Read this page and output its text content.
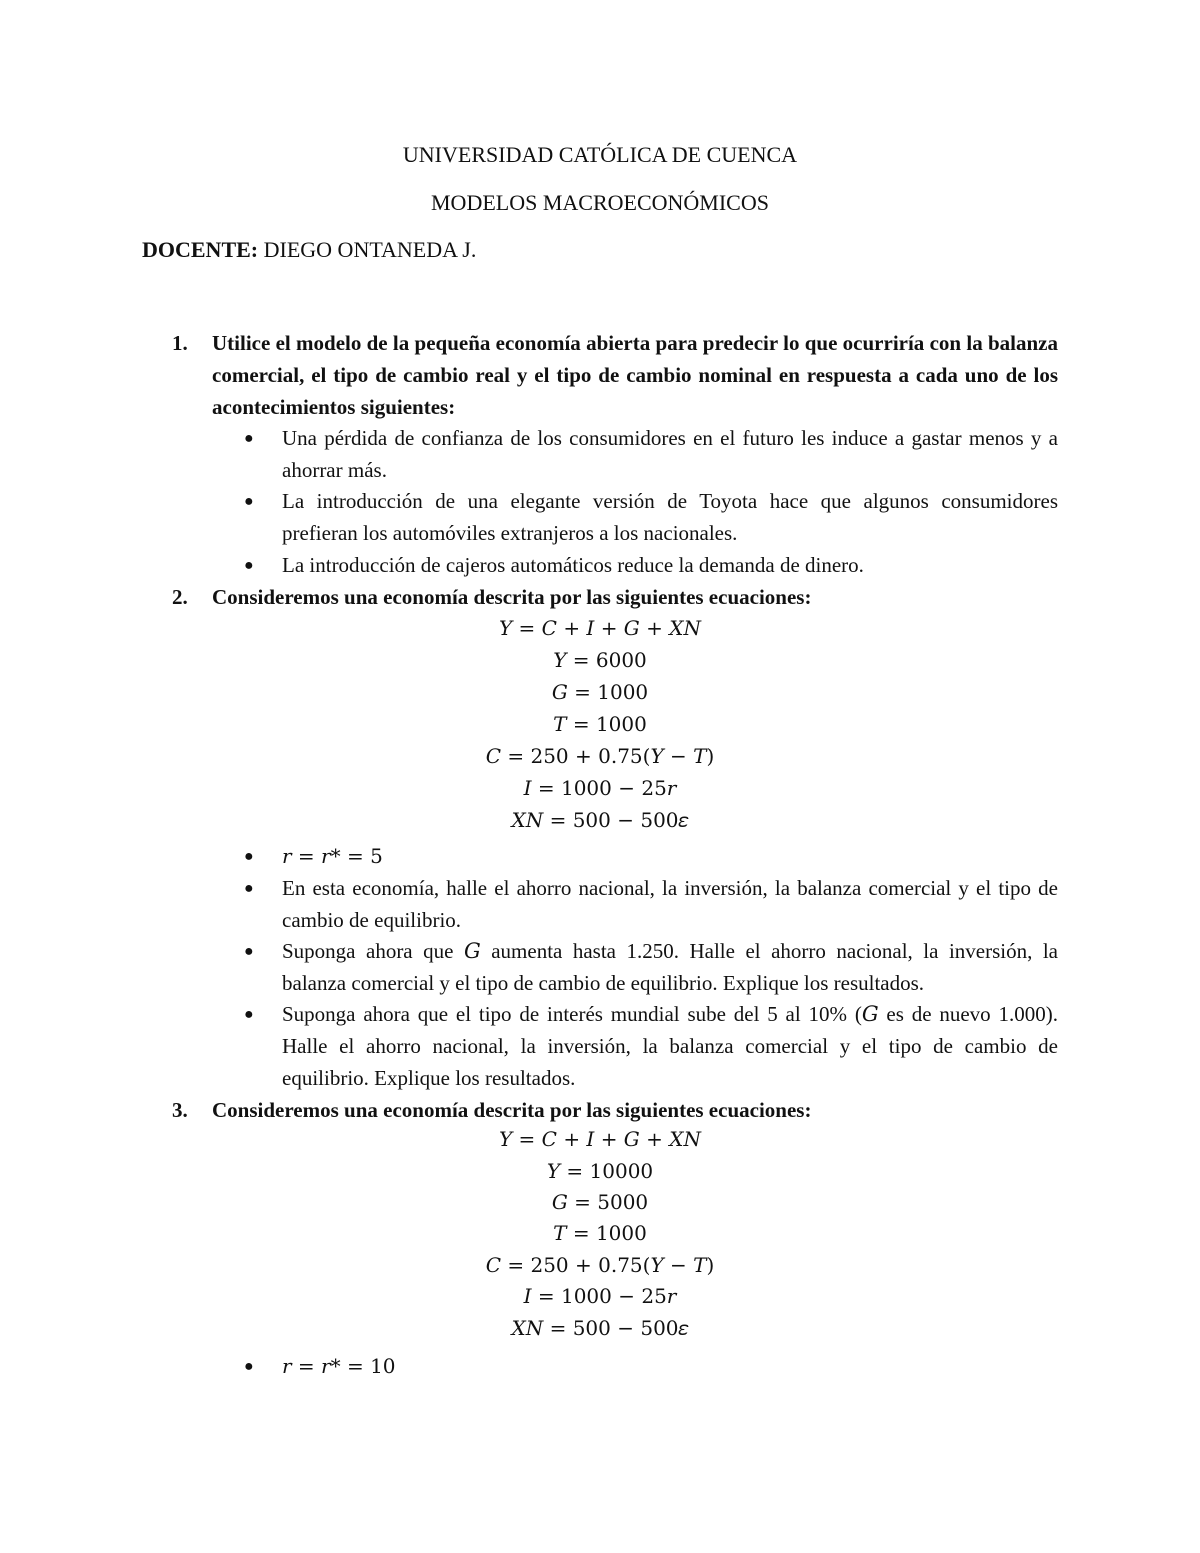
UNIVERSIDAD CATÓLICA DE CUENCA
MODELOS MACROECONÓMICOS
DOCENTE: DIEGO ONTANEDA J.
1. Utilice el modelo de la pequeña economía abierta para predecir lo que ocurriría con la balanza comercial, el tipo de cambio real y el tipo de cambio nominal en respuesta a cada uno de los acontecimientos siguientes:
● Una pérdida de confianza de los consumidores en el futuro les induce a gastar menos y a ahorrar más.
● La introducción de una elegante versión de Toyota hace que algunos consumidores prefieran los automóviles extranjeros a los nacionales.
● La introducción de cajeros automáticos reduce la demanda de dinero.
2. Consideremos una economía descrita por las siguientes ecuaciones:
𝑌 = 𝐶 + 𝐼 + 𝐺 + 𝑋𝑁
𝑌 = 6000
𝐺 = 1000
𝑇 = 1000
𝐶 = 250 + 0.75(𝑌 − 𝑇)
𝐼 = 1000 − 25𝑟
𝑋𝑁 = 500 − 500𝜀
● 𝑟 = 𝑟* = 5
● En esta economía, halle el ahorro nacional, la inversión, la balanza comercial y el tipo de cambio de equilibrio.
● Suponga ahora que 𝐺 aumenta hasta 1.250. Halle el ahorro nacional, la inversión, la balanza comercial y el tipo de cambio de equilibrio. Explique los resultados.
● Suponga ahora que el tipo de interés mundial sube del 5 al 10% (𝐺 es de nuevo 1.000). Halle el ahorro nacional, la inversión, la balanza comercial y el tipo de cambio de equilibrio. Explique los resultados.
3. Consideremos una economía descrita por las siguientes ecuaciones:
𝑌 = 𝐶 + 𝐼 + 𝐺 + 𝑋𝑁
𝑌 = 10000
𝐺 = 5000
𝑇 = 1000
𝐶 = 250 + 0.75(𝑌 − 𝑇)
𝐼 = 1000 − 25𝑟
𝑋𝑁 = 500 − 500𝜀
● 𝑟 = 𝑟* = 10
